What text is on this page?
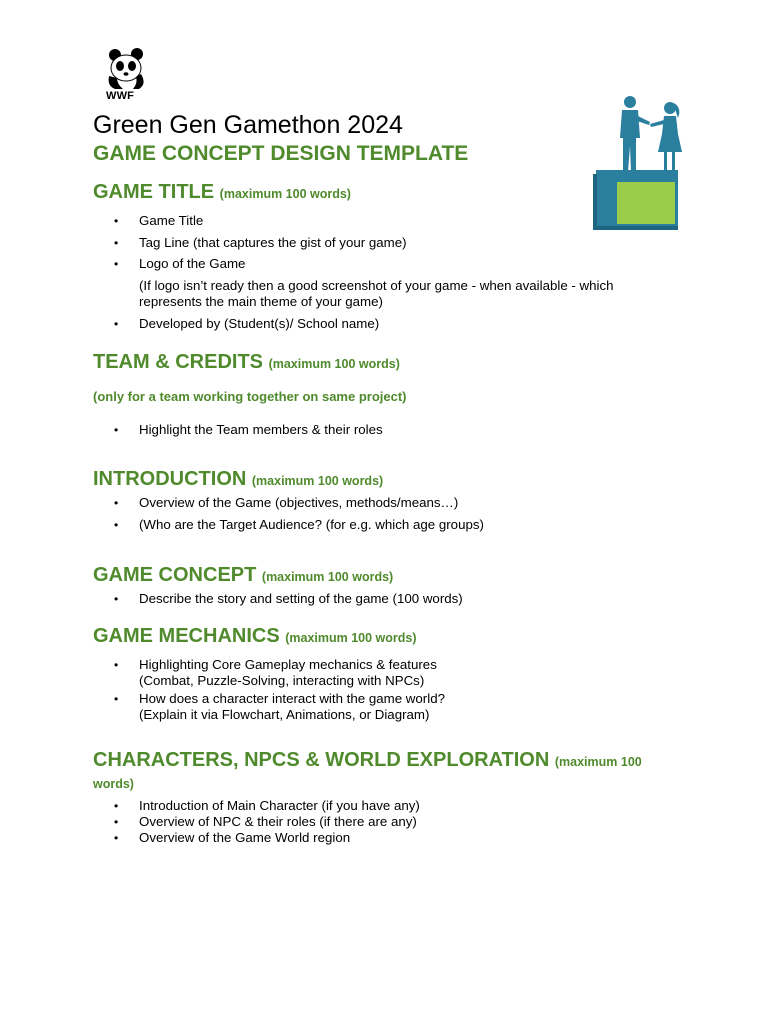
WWF
Green Gen Gamethon 2024
GAME CONCEPT DESIGN TEMPLATE
GAME TITLE (maximum 100 words)
•	Game Title
•	Tag Line (that captures the gist of your game)
•	Logo of the Game
(If logo isn’t ready then a good screenshot of your game - when available - which
represents the main theme of your game)
•	Developed by (Student(s)/ School name)
TEAM & CREDITS (maximum 100 words)
(only for a team working together on same project)
•	Highlight the Team members & their roles
INTRODUCTION (maximum 100 words)
•	Overview of the Game (objectives, methods/means…)
•	(Who are the Target Audience? (for e.g. which age groups)
GAME CONCEPT (maximum 100 words)
•	Describe the story and setting of the game (100 words)
GAME MECHANICS (maximum 100 words)
•	Highlighting Core Gameplay mechanics & features
(Combat, Puzzle-Solving, interacting with NPCs)
•	How does a character interact with the game world?
(Explain it via Flowchart, Animations, or Diagram)
CHARACTERS, NPCS & WORLD EXPLORATION (maximum 100 words)
•	Introduction of Main Character (if you have any)
•	Overview of NPC & their roles (if there are any)
•	Overview of the Game World region
